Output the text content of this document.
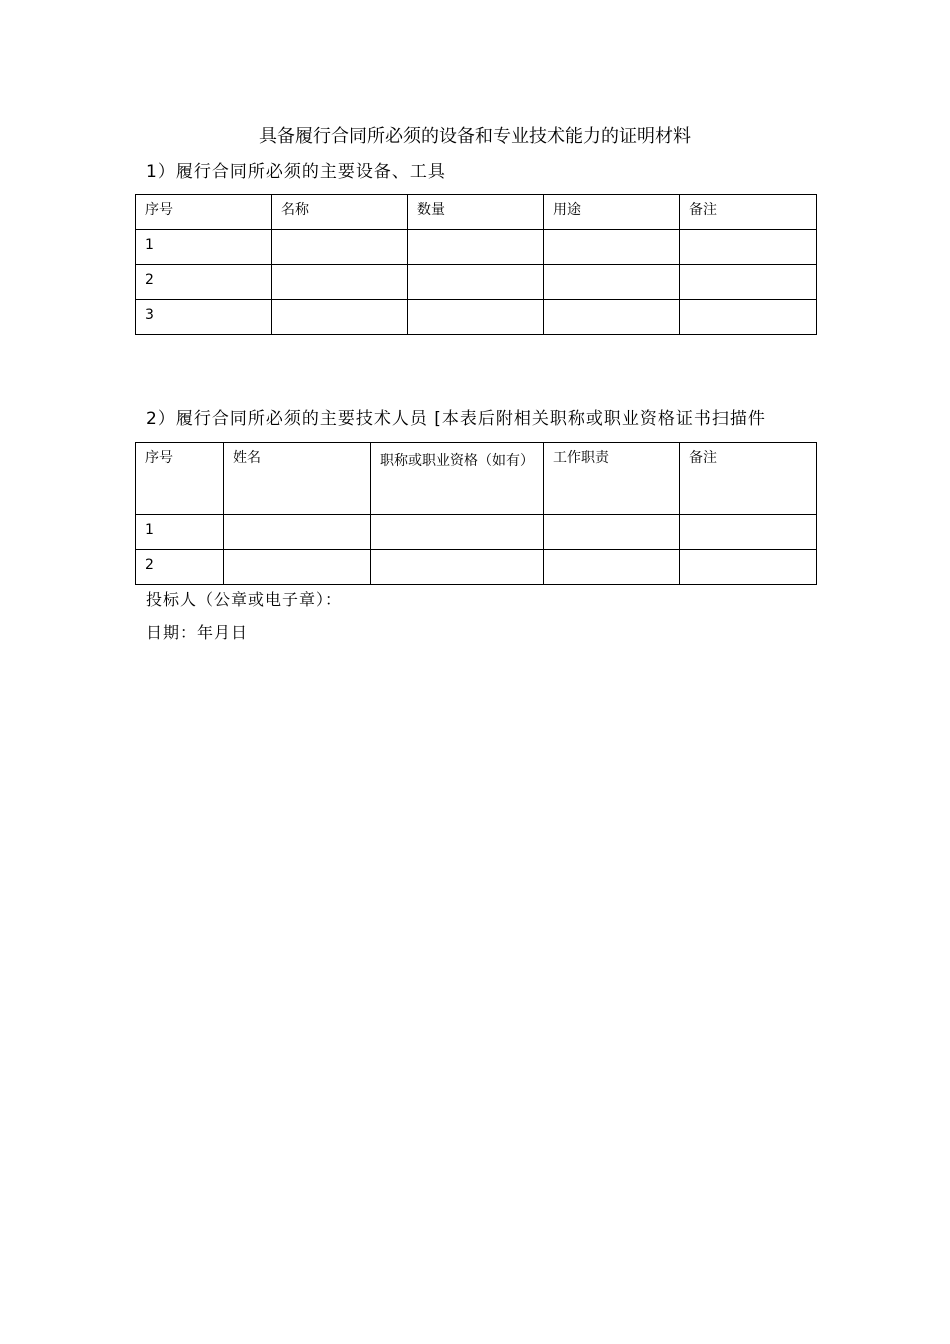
具备履行合同所必须的设备和专业技术能力的证明材料
1）履行合同所必须的主要设备、工具
序号	名称	数量	用途	备注
1				
2				
3				
2）履行合同所必须的主要技术人员 [本表后附相关职称或职业资格证书扫描件
序号	姓名	职称或职业资格（如有）	工作职责	备注
1				
2				
投标人（公章或电子章）：
日期：年月日
